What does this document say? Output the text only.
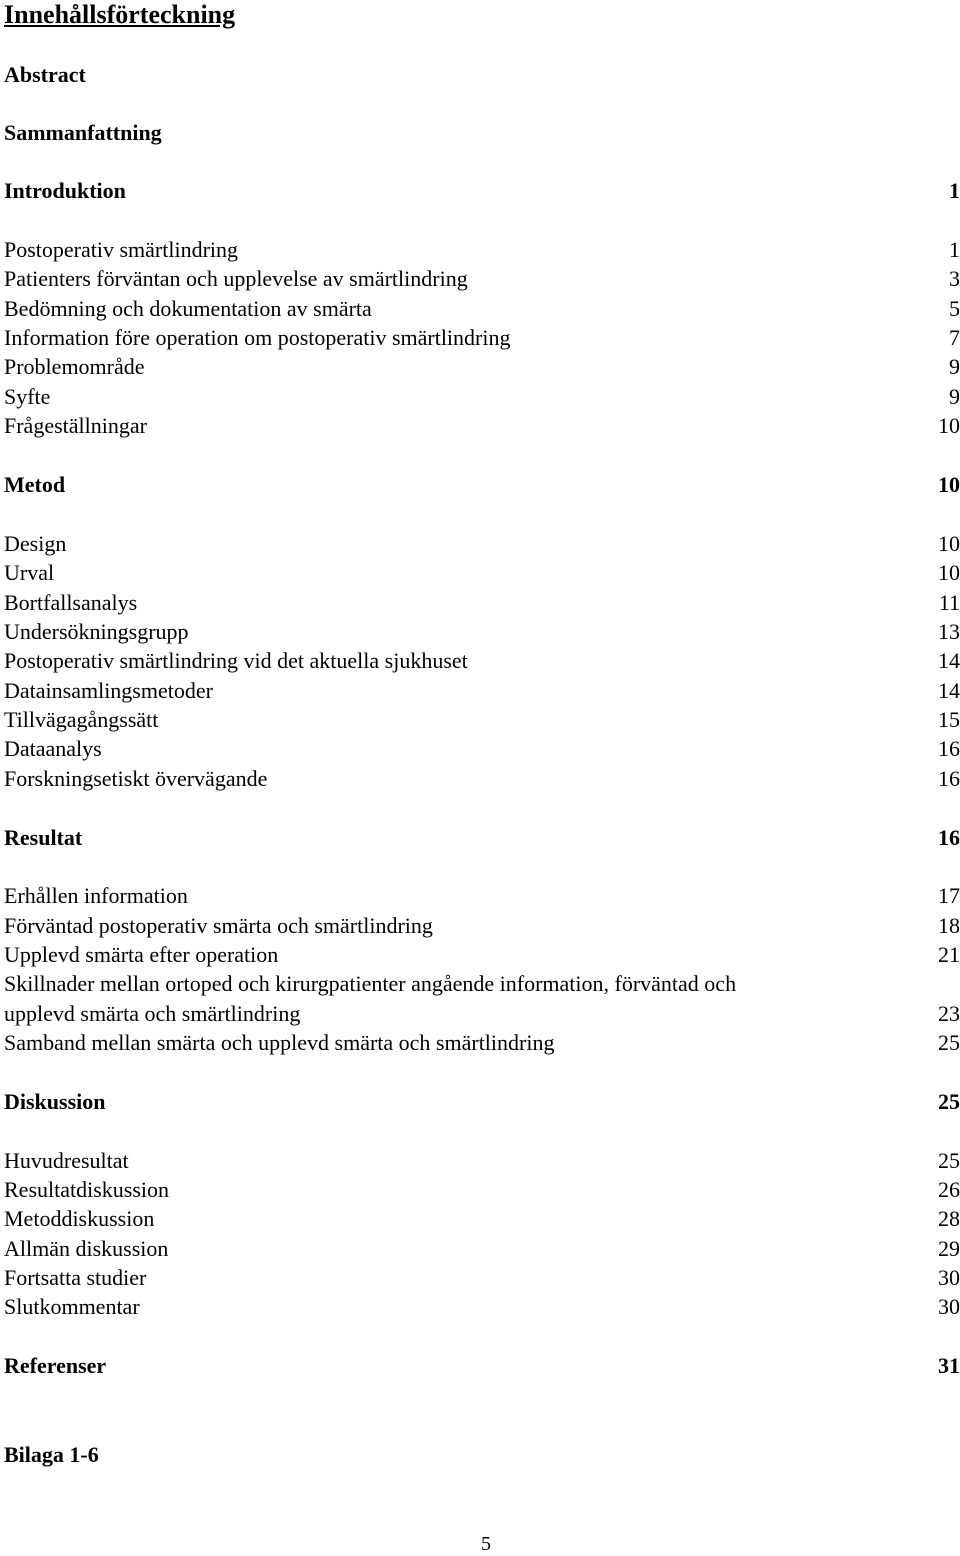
Innehållsförteckning
Abstract
Sammanfattning
Introduktion	1
Postoperativ smärtlindring	1
Patienters förväntan och upplevelse av smärtlindring	3
Bedömning och dokumentation av smärta	5
Information före operation om postoperativ smärtlindring	7
Problemområde	9
Syfte	9
Frågeställningar	10
Metod	10
Design	10
Urval	10
Bortfallsanalys	11
Undersökningsgrupp	13
Postoperativ smärtlindring vid det aktuella sjukhuset	14
Datainsamlingsmetoder	14
Tillvägagångssätt	15
Dataanalys	16
Forskningsetiskt övervägande	16
Resultat	16
Erhållen information	17
Förväntad postoperativ smärta och smärtlindring	18
Upplevd smärta efter operation	21
Skillnader mellan ortoped och kirurgpatienter angående information, förväntad och
upplevd smärta och smärtlindring	23
Samband mellan smärta och upplevd smärta och smärtlindring	25
Diskussion	25
Huvudresultat	25
Resultatdiskussion	26
Metoddiskussion	28
Allmän diskussion	29
Fortsatta studier	30
Slutkommentar	30
Referenser	31
Bilaga 1-6
5
